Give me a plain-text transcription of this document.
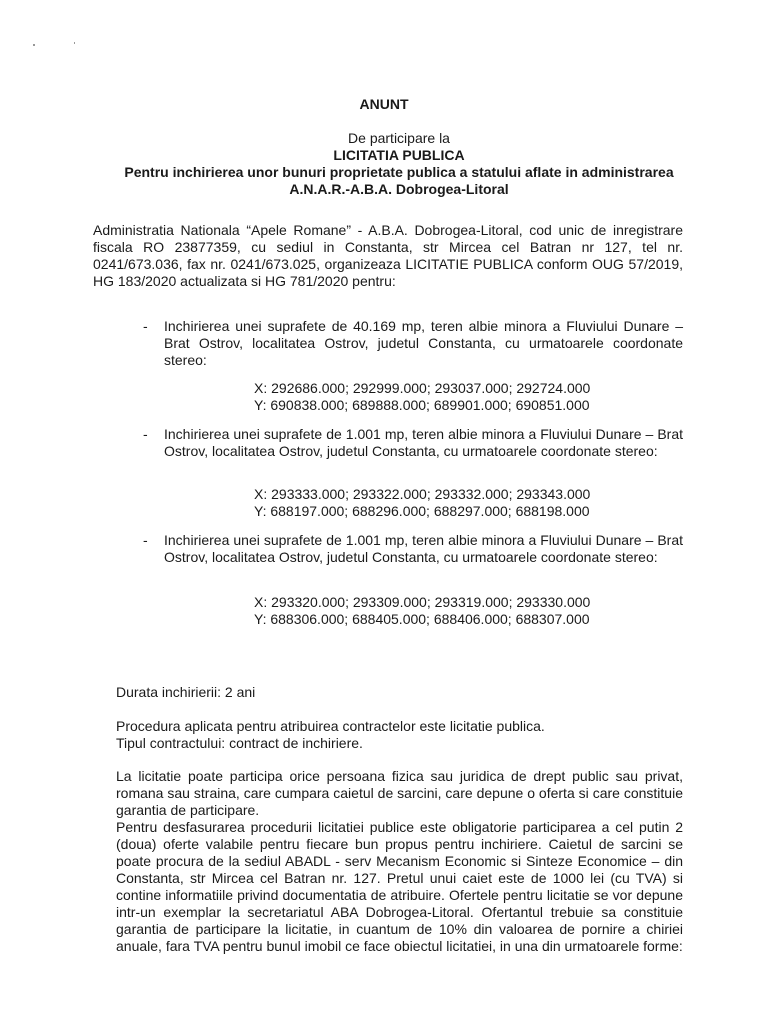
ANUNT
De participare la
LICITATIA PUBLICA
Pentru inchirierea unor bunuri proprietate publica a statului aflate in administrarea
A.N.A.R.-A.B.A. Dobrogea-Litoral
Administratia Nationala “Apele Romane” - A.B.A. Dobrogea-Litoral, cod unic de inregistrare fiscala RO 23877359, cu sediul in Constanta, str Mircea cel Batran nr 127, tel nr. 0241/673.036, fax nr. 0241/673.025, organizeaza LICITATIE PUBLICA conform OUG 57/2019, HG 183/2020 actualizata si HG 781/2020 pentru:
- Inchirierea unei suprafete de 40.169 mp, teren albie minora a Fluviului Dunare – Brat Ostrov, localitatea Ostrov, judetul Constanta, cu urmatoarele coordonate stereo:
X: 292686.000; 292999.000; 293037.000; 292724.000
Y: 690838.000; 689888.000; 689901.000; 690851.000
- Inchirierea unei suprafete de 1.001 mp, teren albie minora a Fluviului Dunare – Brat Ostrov, localitatea Ostrov, judetul Constanta, cu urmatoarele coordonate stereo:
X: 293333.000; 293322.000; 293332.000; 293343.000
Y: 688197.000; 688296.000; 688297.000; 688198.000
- Inchirierea unei suprafete de 1.001 mp, teren albie minora a Fluviului Dunare – Brat Ostrov, localitatea Ostrov, judetul Constanta, cu urmatoarele coordonate stereo:
X: 293320.000; 293309.000; 293319.000; 293330.000
Y: 688306.000; 688405.000; 688406.000; 688307.000
Durata inchirierii: 2 ani
Procedura aplicata pentru atribuirea contractelor este licitatie publica.
Tipul contractului: contract de inchiriere.
La licitatie poate participa orice persoana fizica sau juridica de drept public sau privat, romana sau straina, care cumpara caietul de sarcini, care depune o oferta si care constituie garantia de participare.
Pentru desfasurarea procedurii licitatiei publice este obligatorie participarea a cel putin 2 (doua) oferte valabile pentru fiecare bun propus pentru inchiriere. Caietul de sarcini se poate procura de la sediul ABADL - serv Mecanism Economic si Sinteze Economice – din Constanta, str Mircea cel Batran nr. 127. Pretul unui caiet este de 1000 lei (cu TVA) si contine informatiile privind documentatia de atribuire. Ofertele pentru licitatie se vor depune intr-un exemplar la secretariatul ABA Dobrogea-Litoral. Ofertantul trebuie sa constituie garantia de participare la licitatie, in cuantum de 10% din valoarea de pornire a chiriei anuale, fara TVA pentru bunul imobil ce face obiectul licitatiei, in una din urmatoarele forme:
